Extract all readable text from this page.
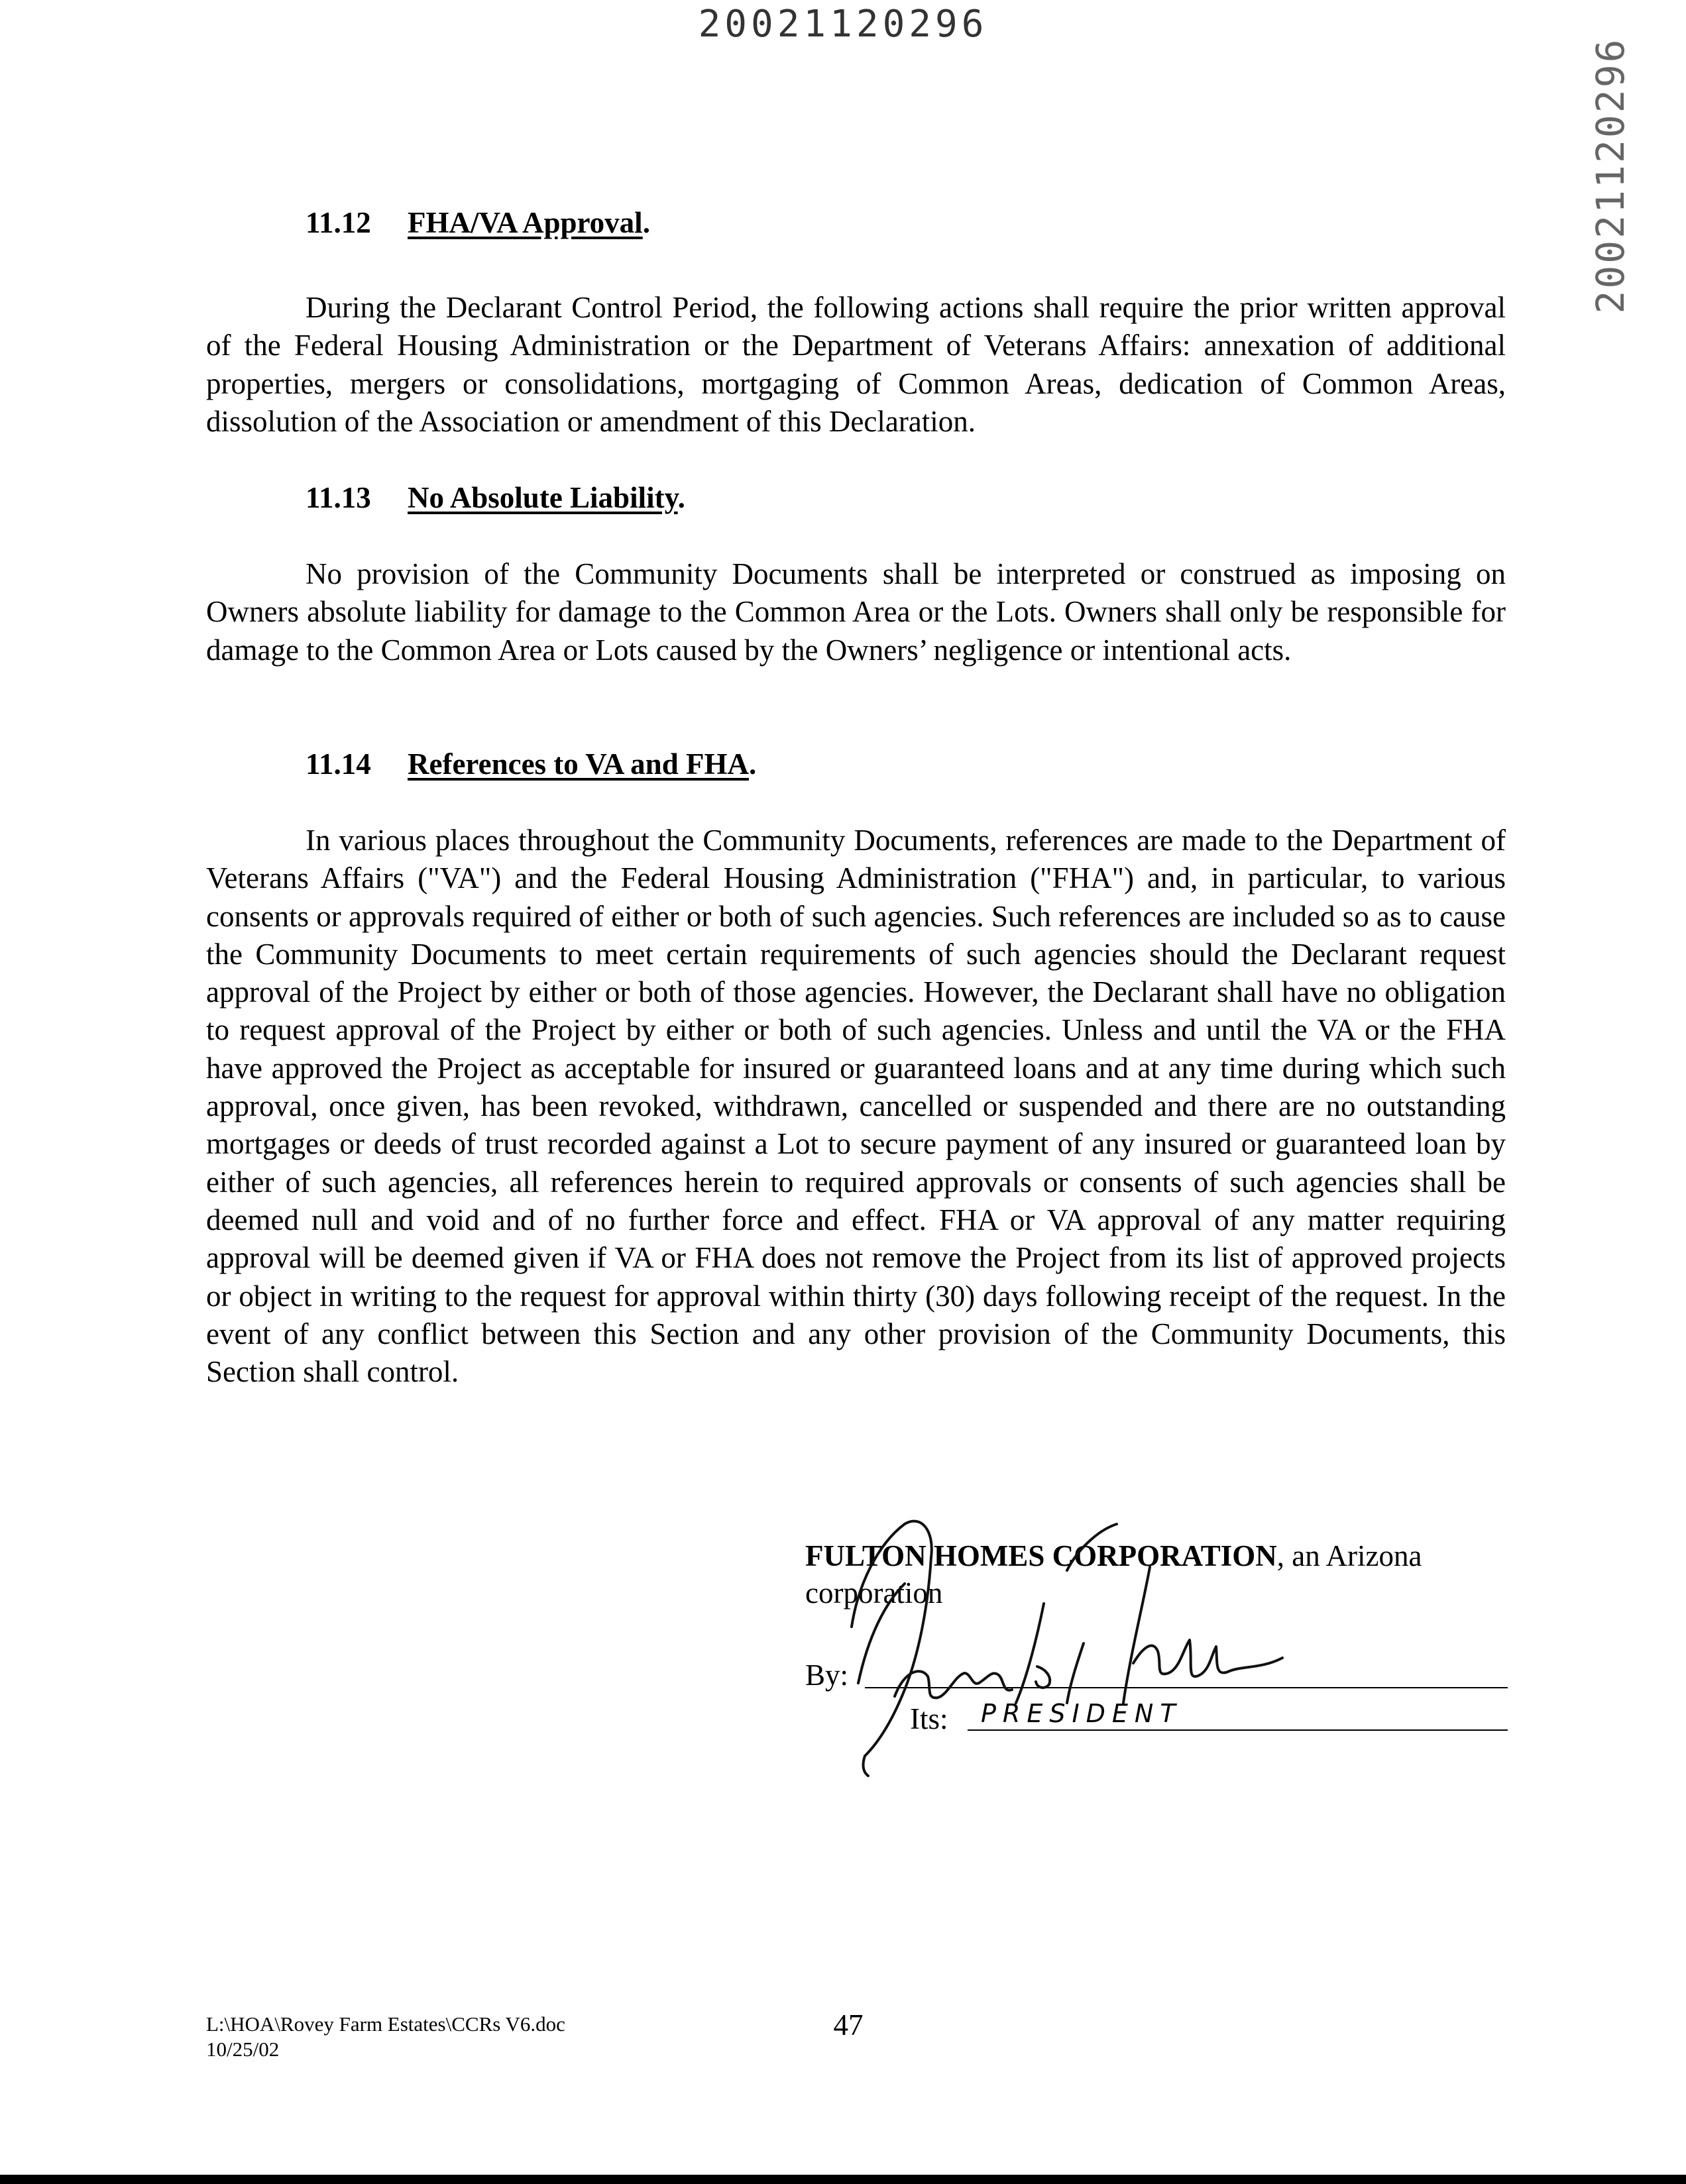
20021120296
20021120296
11.12 FHA/VA Approval.

During the Declarant Control Period, the following actions shall require the prior written approval of the Federal Housing Administration or the Department of Veterans Affairs: annexation of additional properties, mergers or consolidations, mortgaging of Common Areas, dedication of Common Areas, dissolution of the Association or amendment of this Declaration.

11.13 No Absolute Liability.

No provision of the Community Documents shall be interpreted or construed as imposing on Owners absolute liability for damage to the Common Area or the Lots. Owners shall only be responsible for damage to the Common Area or Lots caused by the Owners’ negligence or intentional acts.

11.14 References to VA and FHA.

In various places throughout the Community Documents, references are made to the Department of Veterans Affairs ("VA") and the Federal Housing Administration ("FHA") and, in particular, to various consents or approvals required of either or both of such agencies. Such references are included so as to cause the Community Documents to meet certain requirements of such agencies should the Declarant request approval of the Project by either or both of those agencies. However, the Declarant shall have no obligation to request approval of the Project by either or both of such agencies. Unless and until the VA or the FHA have approved the Project as acceptable for insured or guaranteed loans and at any time during which such approval, once given, has been revoked, withdrawn, cancelled or suspended and there are no outstanding mortgages or deeds of trust recorded against a Lot to secure payment of any insured or guaranteed loan by either of such agencies, all references herein to required approvals or consents of such agencies shall be deemed null and void and of no further force and effect. FHA or VA approval of any matter requiring approval will be deemed given if VA or FHA does not remove the Project from its list of approved projects or object in writing to the request for approval within thirty (30) days following receipt of the request. In the event of any conflict between this Section and any other provision of the Community Documents, this Section shall control.

FULTON HOMES CORPORATION, an Arizona corporation
By:
Its: PRESIDENT
L:\HOA\Rovey Farm Estates\CCRs V6.doc
10/25/02
47
